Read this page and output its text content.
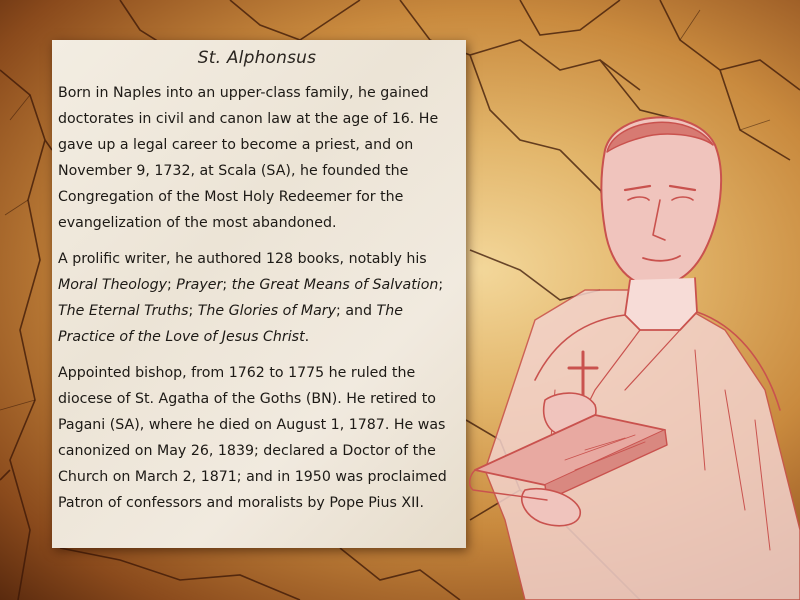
St. Alphonsus

Born in Naples into an upper-class family, he gained doctorates in civil and canon law at the age of 16. He gave up a legal career to become a priest, and on November 9, 1732, at Scala (SA), he founded the Congregation of the Most Holy Redeemer for the evangelization of the most abandoned.

A prolific writer, he authored 128 books, notably his Moral Theology; Prayer; the Great Means of Salvation; The Eternal Truths; The Glories of Mary; and The Practice of the Love of Jesus Christ.

Appointed bishop, from 1762 to 1775 he ruled the diocese of St. Agatha of the Goths (BN). He retired to Pagani (SA), where he died on August 1, 1787. He was canonized on May 26, 1839; declared a Doctor of the Church on March 2, 1871; and in 1950 was proclaimed Patron of confessors and moralists by Pope Pius XII.
